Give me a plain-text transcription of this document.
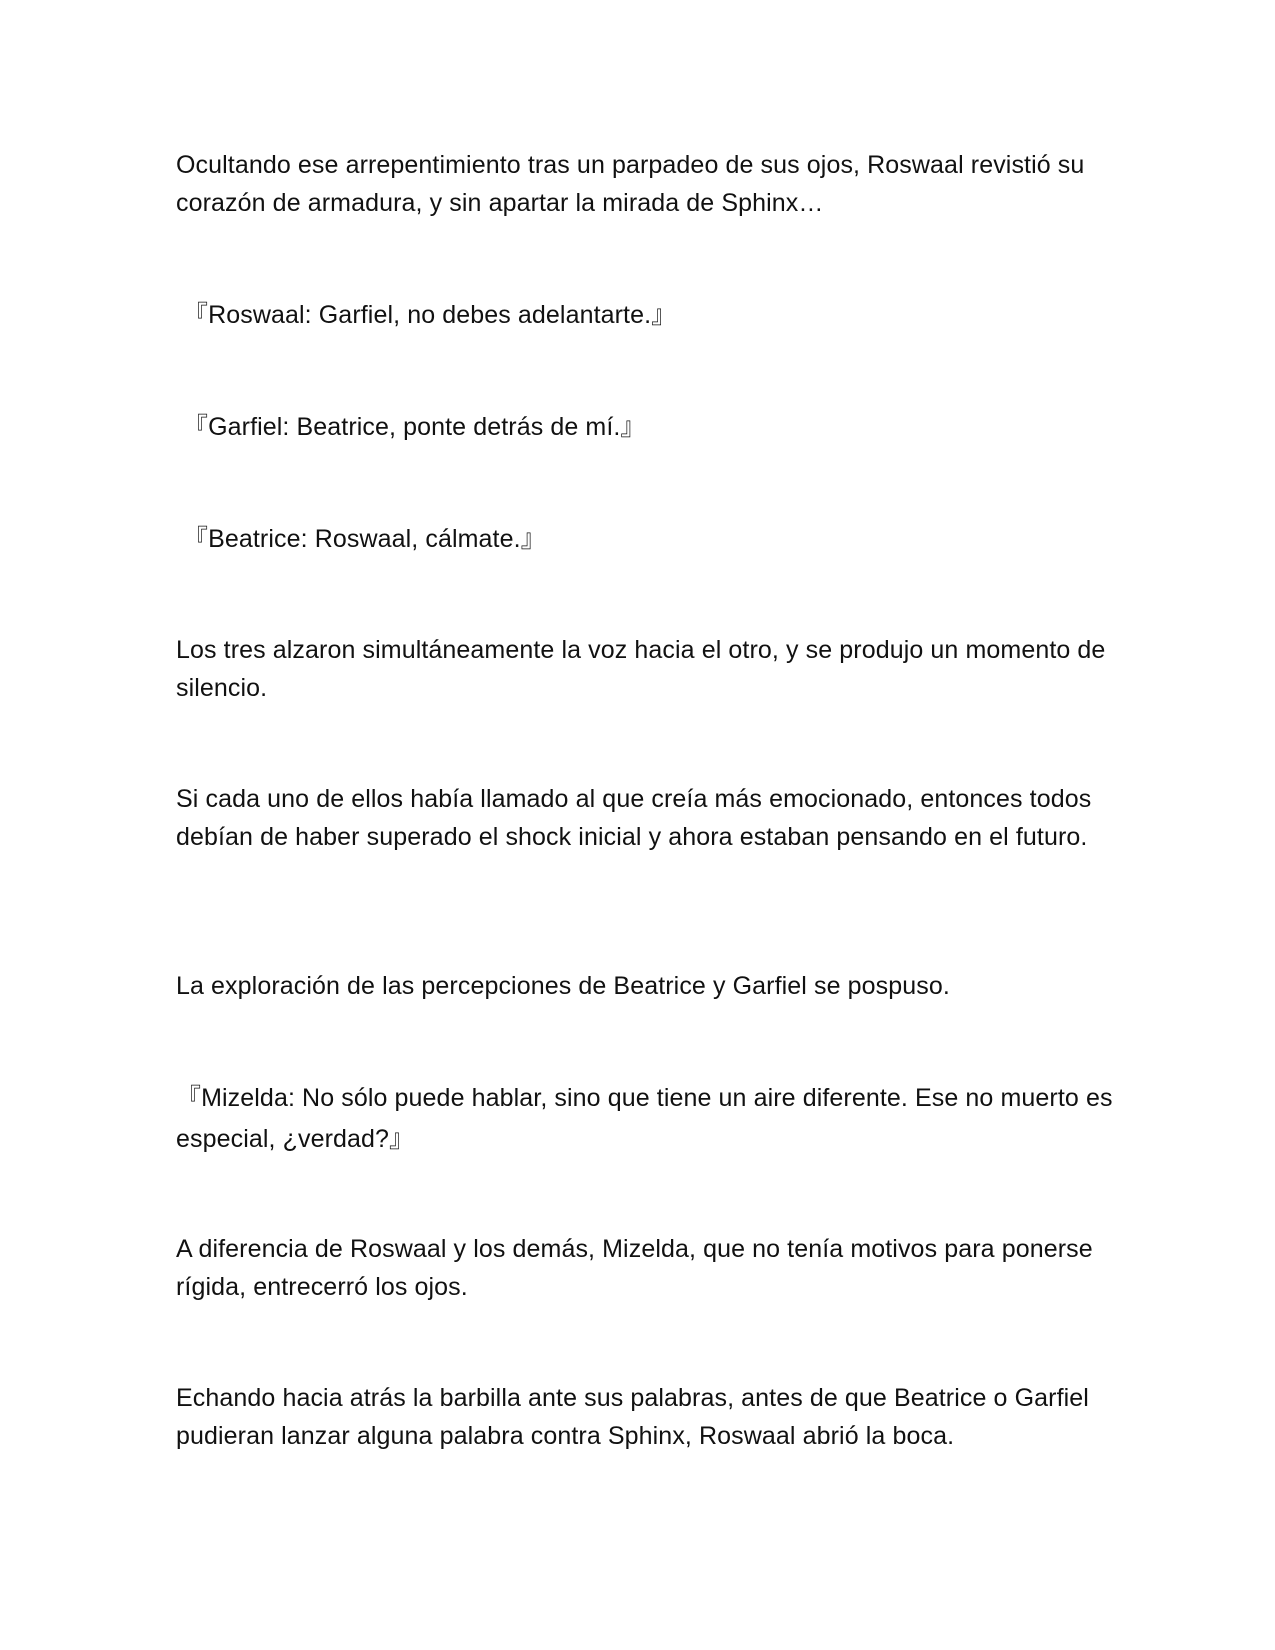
Ocultando ese arrepentimiento tras un parpadeo de sus ojos, Roswaal revistió su corazón de armadura, y sin apartar la mirada de Sphinx…

『Roswaal: Garfiel, no debes adelantarte.』

『Garfiel: Beatrice, ponte detrás de mí.』

『Beatrice: Roswaal, cálmate.』

Los tres alzaron simultáneamente la voz hacia el otro, y se produjo un momento de silencio.

Si cada uno de ellos había llamado al que creía más emocionado, entonces todos debían de haber superado el shock inicial y ahora estaban pensando en el futuro.

La exploración de las percepciones de Beatrice y Garfiel se pospuso.

『Mizelda: No sólo puede hablar, sino que tiene un aire diferente. Ese no muerto es especial, ¿verdad?』

A diferencia de Roswaal y los demás, Mizelda, que no tenía motivos para ponerse rígida, entrecerró los ojos.

Echando hacia atrás la barbilla ante sus palabras, antes de que Beatrice o Garfiel pudieran lanzar alguna palabra contra Sphinx, Roswaal abrió la boca.
